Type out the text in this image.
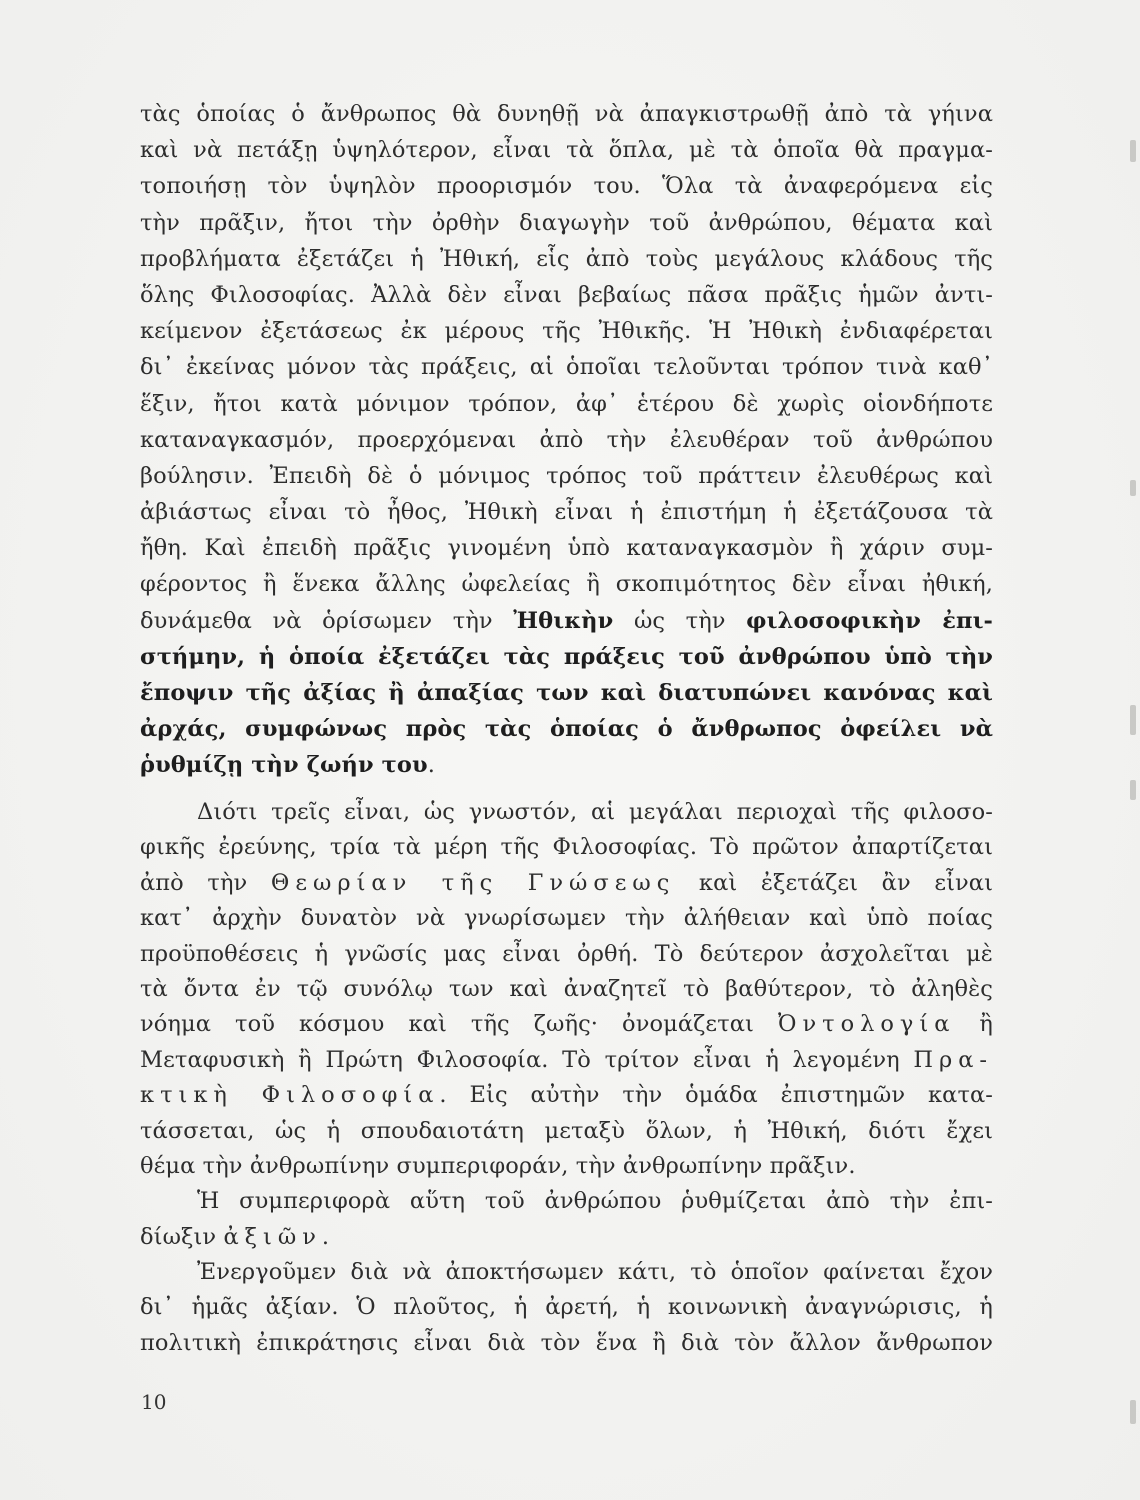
τὰς ὁποίας ὁ ἄνθρωπος θὰ δυνηθῇ νὰ ἀπαγκιστρωθῇ ἀπὸ τὰ γήινα
καὶ νὰ πετάξῃ ὑψηλότερον, εἶναι τὰ ὅπλα, μὲ τὰ ὁποῖα θὰ πραγμα-
τοποιήσῃ τὸν ὑψηλὸν προορισμόν του. Ὅλα τὰ ἀναφερόμενα εἰς
τὴν πρᾶξιν, ἤτοι τὴν ὀρθὴν διαγωγὴν τοῦ ἀνθρώπου, θέματα καὶ
προβλήματα ἐξετάζει ἡ Ἠθική, εἷς ἀπὸ τοὺς μεγάλους κλάδους τῆς
ὅλης Φιλοσοφίας. Ἀλλὰ δὲν εἶναι βεβαίως πᾶσα πρᾶξις ἡμῶν ἀντι-
κείμενον ἐξετάσεως ἐκ μέρους τῆς Ἠθικῆς. Ἡ Ἠθικὴ ἐνδιαφέρεται
δι᾽ ἐκείνας μόνον τὰς πράξεις, αἱ ὁποῖαι τελοῦνται τρόπον τινὰ καθ᾽
ἕξιν, ἤτοι κατὰ μόνιμον τρόπον, ἀφ᾽ ἑτέρου δὲ χωρὶς οἱονδήποτε
καταναγκασμόν, προερχόμεναι ἀπὸ τὴν ἐλευθέραν τοῦ ἀνθρώπου
βούλησιν. Ἐπειδὴ δὲ ὁ μόνιμος τρόπος τοῦ πράττειν ἐλευθέρως καὶ
ἀβιάστως εἶναι τὸ ἦθος, Ἠθικὴ εἶναι ἡ ἐπιστήμη ἡ ἐξετάζουσα τὰ
ἤθη. Καὶ ἐπειδὴ πρᾶξις γινομένη ὑπὸ καταναγκασμὸν ἢ χάριν συμ-
φέροντος ἢ ἕνεκα ἄλλης ὠφελείας ἢ σκοπιμότητος δὲν εἶναι ἠθική,
δυνάμεθα νὰ ὁρίσωμεν τὴν Ἠθικὴν ὡς τὴν φιλοσοφικὴν ἐπι-
στήμην, ἡ ὁποία ἐξετάζει τὰς πράξεις τοῦ ἀνθρώπου ὑπὸ τὴν
ἔποψιν τῆς ἀξίας ἢ ἀπαξίας των καὶ διατυπώνει κανόνας καὶ
ἀρχάς, συμφώνως πρὸς τὰς ὁποίας ὁ ἄνθρωπος ὀφείλει νὰ
ῥυθμίζῃ τὴν ζωήν του.
Διότι τρεῖς εἶναι, ὡς γνωστόν, αἱ μεγάλαι περιοχαὶ τῆς φιλοσο-
φικῆς ἐρεύνης, τρία τὰ μέρη τῆς Φιλοσοφίας. Τὸ πρῶτον ἀπαρτίζεται
ἀπὸ τὴν Θεωρίαν τῆς Γνώσεως καὶ ἐξετάζει ἂν εἶναι
κατ᾽ ἀρχὴν δυνατὸν νὰ γνωρίσωμεν τὴν ἀλήθειαν καὶ ὑπὸ ποίας
προϋποθέσεις ἡ γνῶσίς μας εἶναι ὀρθή. Τὸ δεύτερον ἀσχολεῖται μὲ
τὰ ὄντα ἐν τῷ συνόλῳ των καὶ ἀναζητεῖ τὸ βαθύτερον, τὸ ἀληθὲς
νόημα τοῦ κόσμου καὶ τῆς ζωῆς· ὀνομάζεται Ὀντολογία ἢ
Μεταφυσικὴ ἢ Πρώτη Φιλοσοφία. Τὸ τρίτον εἶναι ἡ λεγομένη Πρα-
κτικὴ Φιλοσοφία. Εἰς αὐτὴν τὴν ὁμάδα ἐπιστημῶν κατα-
τάσσεται, ὡς ἡ σπουδαιοτάτη μεταξὺ ὅλων, ἡ Ἠθική, διότι ἔχει
θέμα τὴν ἀνθρωπίνην συμπεριφοράν, τὴν ἀνθρωπίνην πρᾶξιν.
Ἡ συμπεριφορὰ αὕτη τοῦ ἀνθρώπου ῥυθμίζεται ἀπὸ τὴν ἐπι-
δίωξιν ἀξιῶν.
Ἐνεργοῦμεν διὰ νὰ ἀποκτήσωμεν κάτι, τὸ ὁποῖον φαίνεται ἔχον
δι᾽ ἡμᾶς ἀξίαν. Ὁ πλοῦτος, ἡ ἀρετή, ἡ κοινωνικὴ ἀναγνώρισις, ἡ
πολιτικὴ ἐπικράτησις εἶναι διὰ τὸν ἕνα ἢ διὰ τὸν ἄλλον ἄνθρωπον
10
